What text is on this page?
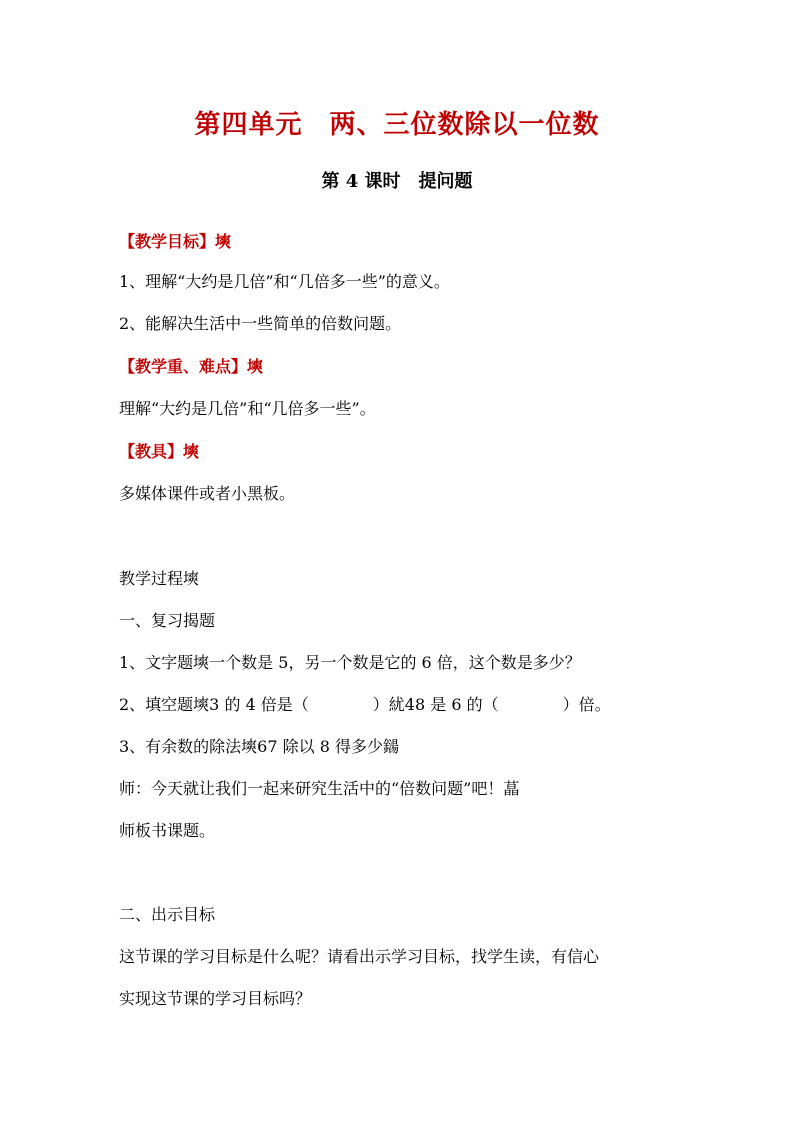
第四单元　两、三位数除以一位数
第 4 课时　提问题
【教学目标】塽
1、理解“大约是几倍”和“几倍多一些”的意义。
2、能解决生活中一些简单的倍数问题。
【教学重、难点】塽
理解“大约是几倍”和“几倍多一些”。
【教具】塽
多媒体课件或者小黑板。
教学过程塽
一、复习揭题
1、文字题塽一个数是 5，另一个数是它的 6 倍，这个数是多少？
2、填空题塽3 的 4 倍是（　　　　）紌48 是 6 的（　　　　）倍。
3、有余数的除法塽67 除以 8 得多少鐋
师：今天就让我们一起来研究生活中的“倍数问题”吧！蕌
师板书课题。
二、出示目标
这节课的学习目标是什么呢？请看出示学习目标，找学生读，有信心
实现这节课的学习目标吗？
